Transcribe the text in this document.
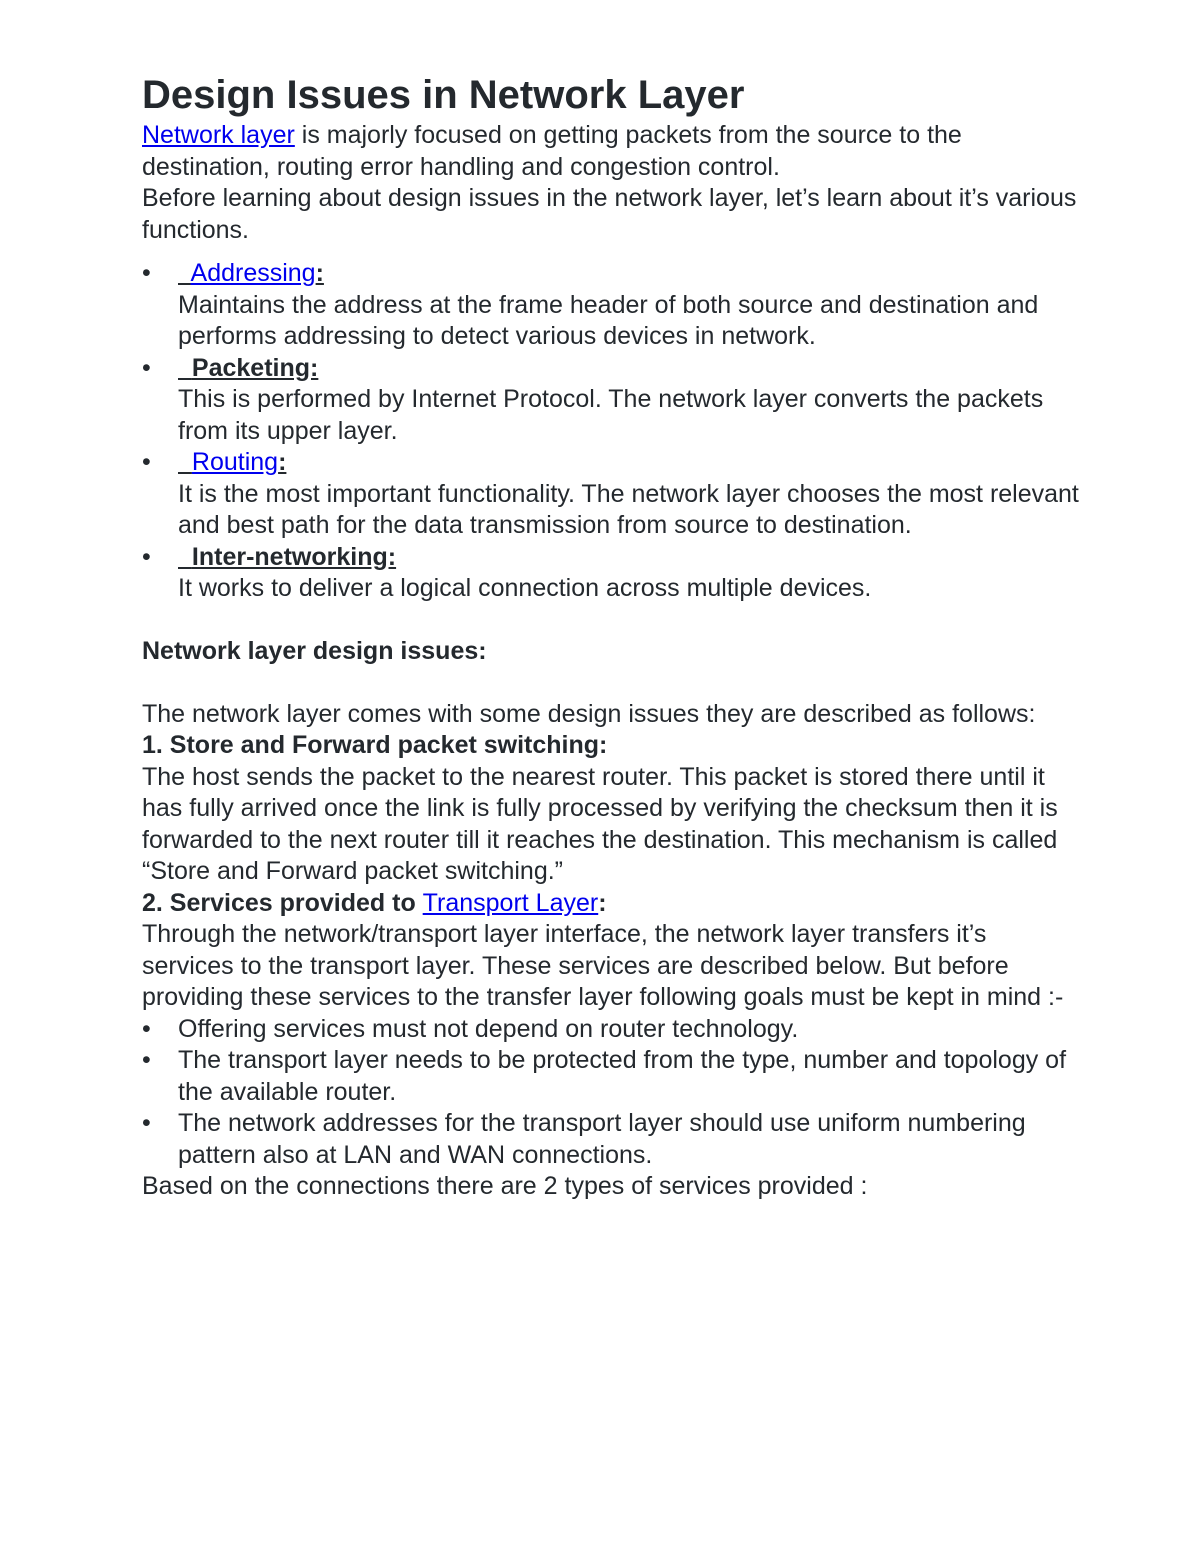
Design Issues in Network Layer

Network layer is majorly focused on getting packets from the source to the destination, routing error handling and congestion control.

Before learning about design issues in the network layer, let’s learn about it’s various functions.

•	Addressing:
Maintains the address at the frame header of both source and destination and performs addressing to detect various devices in network.
•	Packeting:
This is performed by Internet Protocol. The network layer converts the packets from its upper layer.
•	Routing:
It is the most important functionality. The network layer chooses the most relevant and best path for the data transmission from source to destination.
•	Inter-networking:
It works to deliver a logical connection across multiple devices.

Network layer design issues:

The network layer comes with some design issues they are described as follows:

1. Store and Forward packet switching:

The host sends the packet to the nearest router. This packet is stored there until it has fully arrived once the link is fully processed by verifying the checksum then it is forwarded to the next router till it reaches the destination. This mechanism is called “Store and Forward packet switching.”

2. Services provided to Transport Layer:

Through the network/transport layer interface, the network layer transfers it’s services to the transport layer. These services are described below. But before providing these services to the transfer layer following goals must be kept in mind :-

•	Offering services must not depend on router technology.
•	The transport layer needs to be protected from the type, number and topology of the available router.
•	The network addresses for the transport layer should use uniform numbering pattern also at LAN and WAN connections.

Based on the connections there are 2 types of services provided :
